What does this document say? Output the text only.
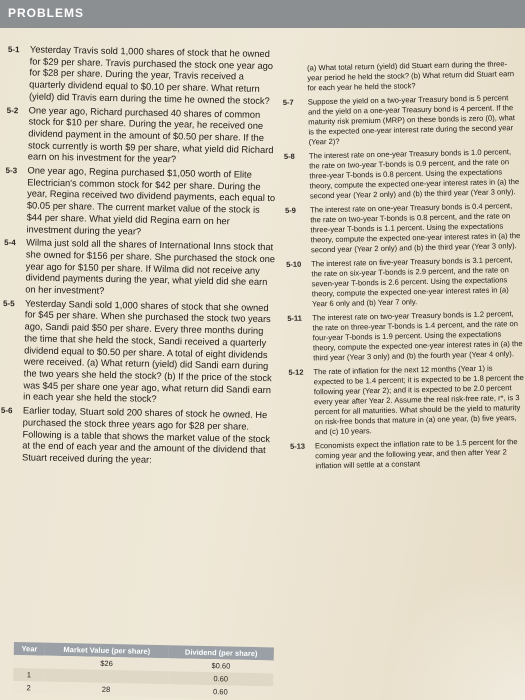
PROBLEMS
5-1 Yesterday Travis sold 1,000 shares of stock that he owned for $29 per share. Travis purchased the stock one year ago for $28 per share. During the year, Travis received a quarterly dividend equal to $0.10 per share. What return (yield) did Travis earn during the time he owned the stock?
5-2 One year ago, Richard purchased 40 shares of common stock for $10 per share. During the year, he received one dividend payment in the amount of $0.50 per share. If the stock currently is worth $9 per share, what yield did Richard earn on his investment for the year?
5-3 One year ago, Regina purchased $1,050 worth of Elite Electrician's common stock for $42 per share. During the year, Regina received two dividend payments, each equal to $0.05 per share. The current market value of the stock is $44 per share. What yield did Regina earn on her investment during the year?
5-4 Wilma just sold all the shares of International Inns stock that she owned for $156 per share. She purchased the stock one year ago for $150 per share. If Wilma did not receive any dividend payments during the year, what yield did she earn on her investment?
5-5 Yesterday Sandi sold 1,000 shares of stock that she owned for $45 per share. When she purchased the stock two years ago, Sandi paid $50 per share. Every three months during the time that she held the stock, Sandi received a quarterly dividend equal to $0.50 per share. A total of eight dividends were received. (a) What return (yield) did Sandi earn during the two years she held the stock? (b) If the price of the stock was $45 per share one year ago, what return did Sandi earn in each year she held the stock?
5-6 Earlier today, Stuart sold 200 shares of stock he owned. He purchased the stock three years ago for $28 per share. Following is a table that shows the market value of the stock at the end of each year and the amount of the dividend that Stuart received during the year:
(a) What total return (yield) did Stuart earn during the three-year period he held the stock? (b) What return did Stuart earn for each year he held the stock?
5-7 Suppose the yield on a two-year Treasury bond is 5 percent and the yield on a one-year Treasury bond is 4 percent. If the maturity risk premium (MRP) on these bonds is zero (0), what is the expected one-year interest rate during the second year (Year 2)?
5-8 The interest rate on one-year Treasury bonds is 1.0 percent, the rate on two-year T-bonds is 0.9 percent, and the rate on three-year T-bonds is 0.8 percent. Using the expectations theory, compute the expected one-year interest rates in (a) the second year (Year 2 only) and (b) the third year (Year 3 only).
5-9 The interest rate on one-year Treasury bonds is 0.4 percent, the rate on two-year T-bonds is 0.8 percent, and the rate on three-year T-bonds is 1.1 percent. Using the expectations theory, compute the expected one-year interest rates in (a) the second year (Year 2 only) and (b) the third year (Year 3 only).
5-10 The interest rate on five-year Treasury bonds is 3.1 percent, the rate on six-year T-bonds is 2.9 percent, and the rate on seven-year T-bonds is 2.6 percent. Using the expectations theory, compute the expected one-year interest rates in (a) Year 6 only and (b) Year 7 only.
5-11 The interest rate on two-year Treasury bonds is 1.2 percent, the rate on three-year T-bonds is 1.4 percent, and the rate on four-year T-bonds is 1.9 percent. Using the expectations theory, compute the expected one-year interest rates in (a) the third year (Year 3 only) and (b) the fourth year (Year 4 only).
5-12 The rate of inflation for the next 12 months (Year 1) is expected to be 1.4 percent; it is expected to be 1.8 percent the following year (Year 2); and it is expected to be 2.0 percent every year after Year 2. Assume the real risk-free rate, r*, is 3 percent for all maturities. What should be the yield to maturity on risk-free bonds that mature in (a) one year, (b) five years, and (c) 10 years.
5-13 Economists expect the inflation rate to be 1.5 percent for the coming year and the following year, and then after Year 2 inflation will settle at a constant
Year	Market Value (per share)	Dividend (per share)
	$26	$0.60
1		0.60
2	28	0.60
